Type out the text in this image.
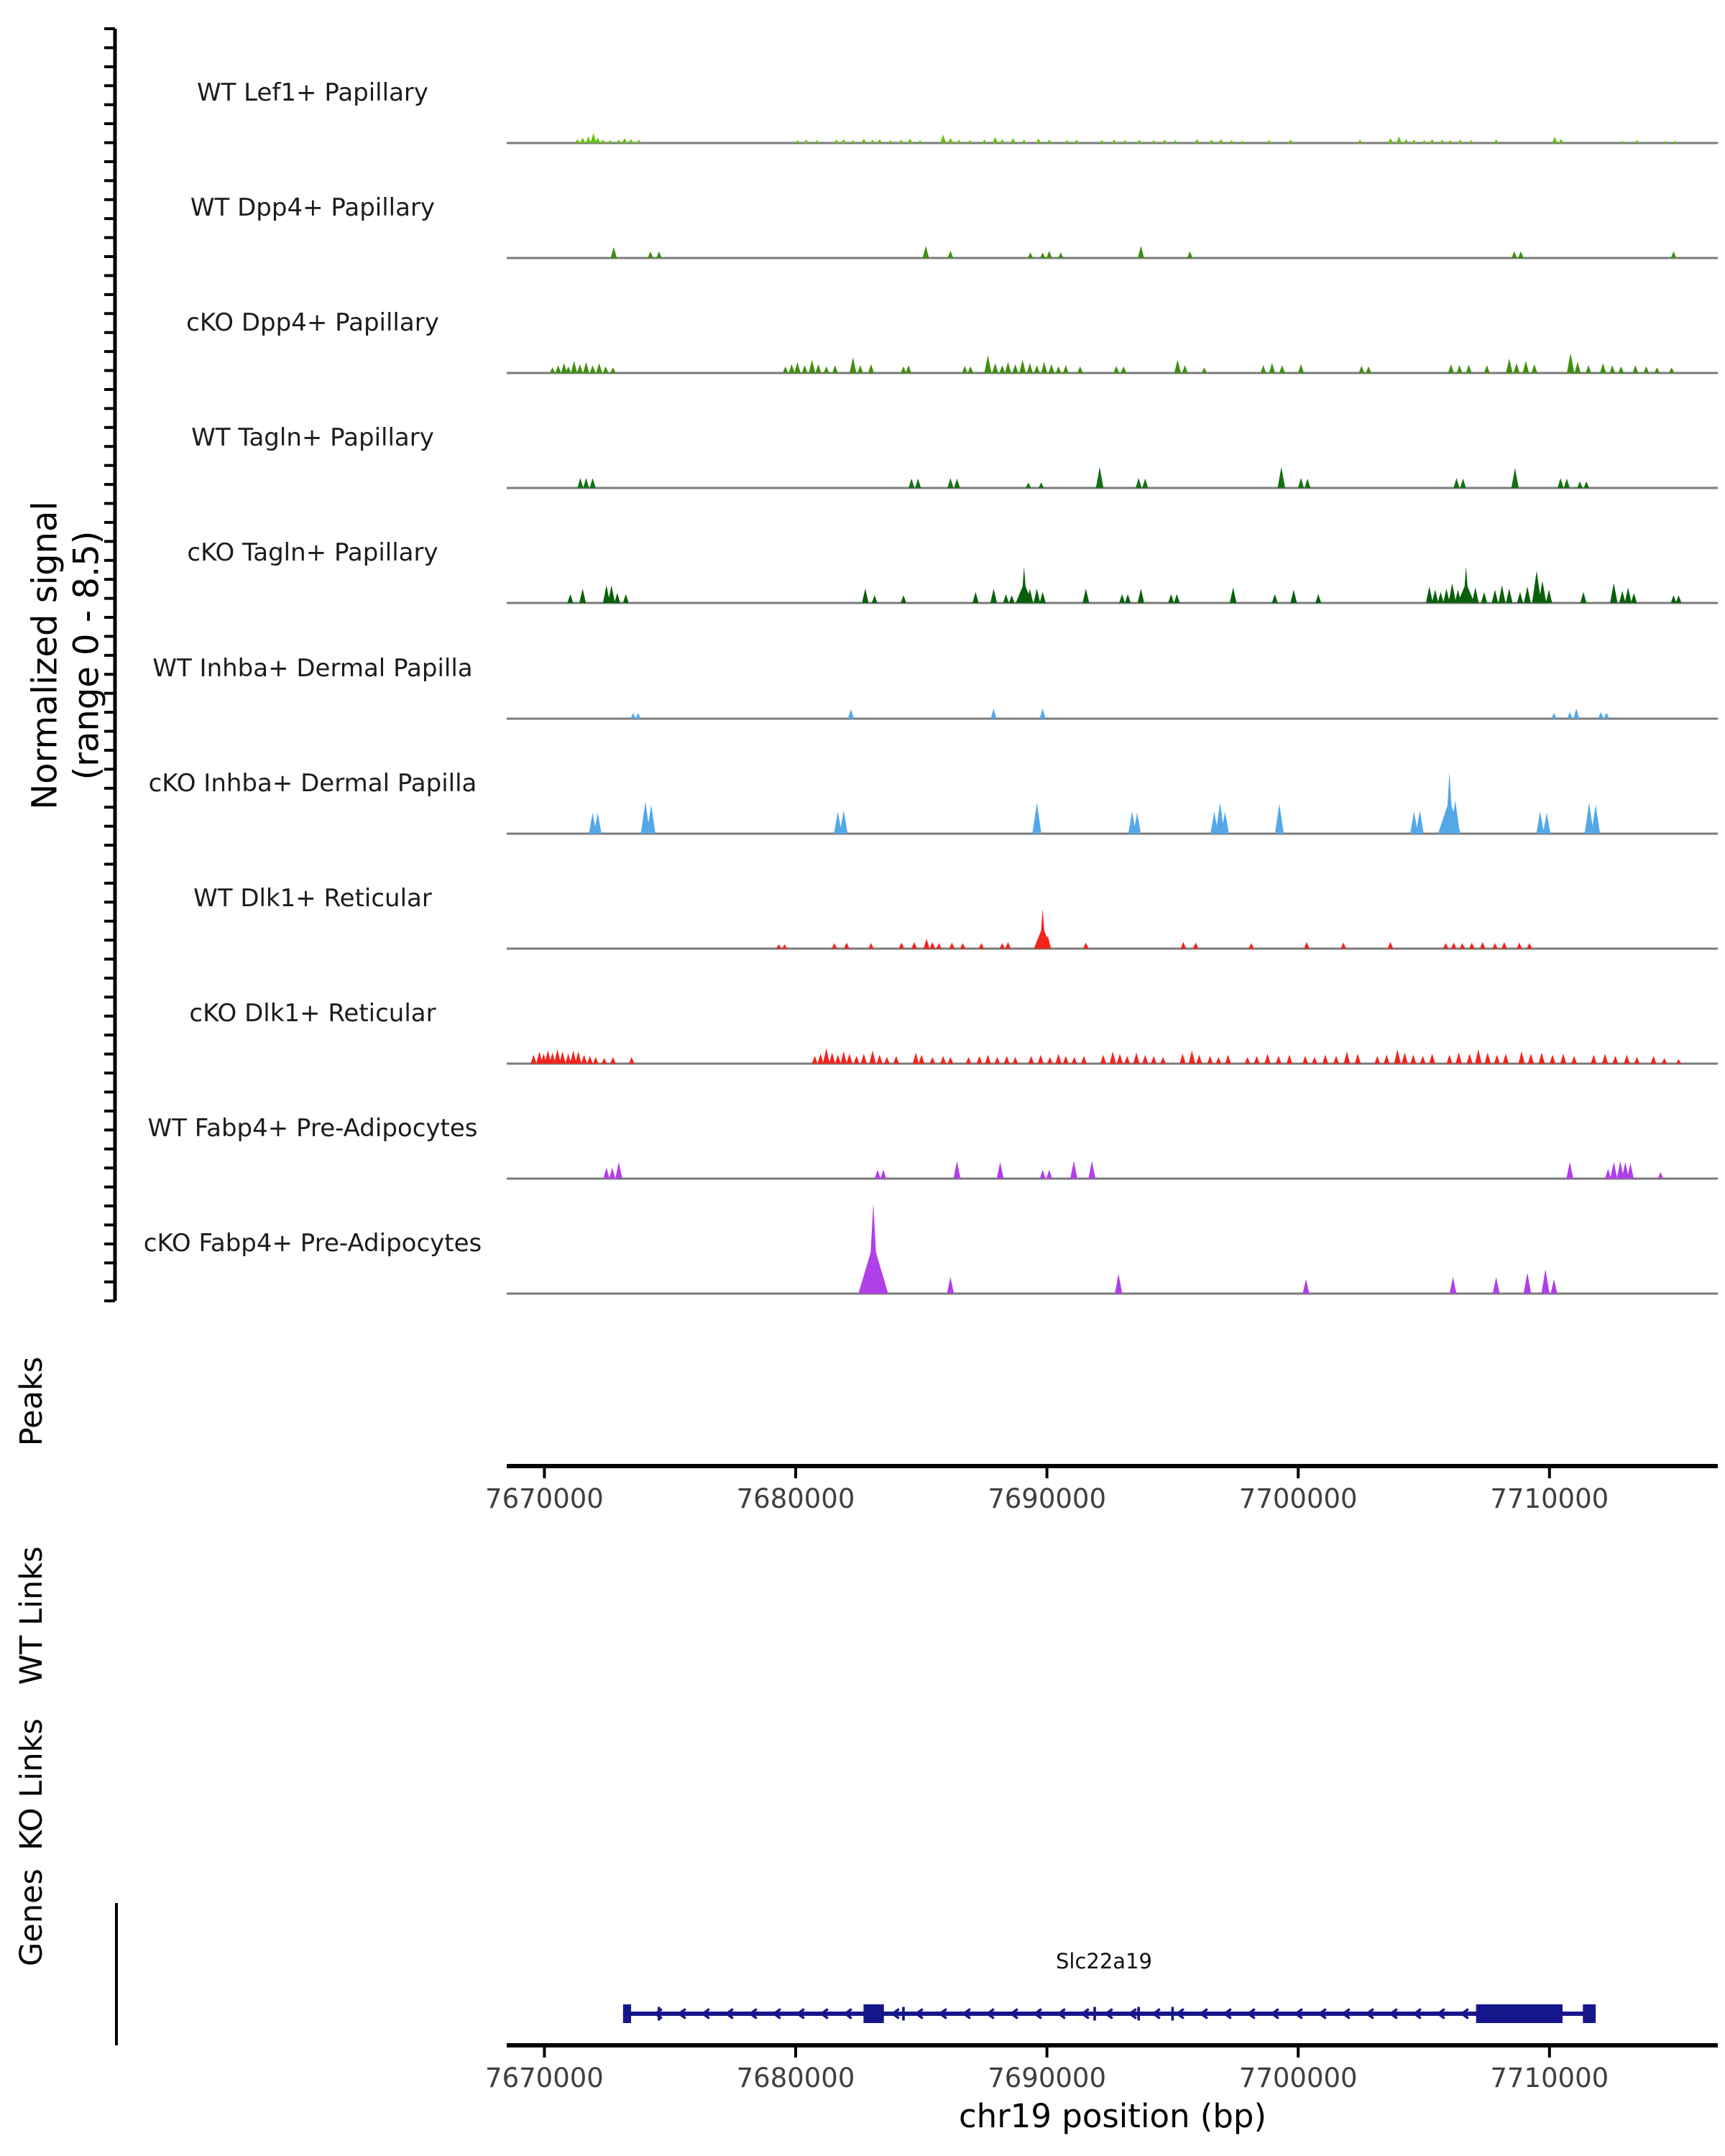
WT Lef1+ Papillary
WT Dpp4+ Papillary
cKO Dpp4+ Papillary
WT Tagln+ Papillary
cKO Tagln+ Papillary
WT Inhba+ Dermal Papilla
cKO Inhba+ Dermal Papilla
WT Dlk1+ Reticular
cKO Dlk1+ Reticular
WT Fabp4+ Pre-Adipocytes
cKO Fabp4+ Pre-Adipocytes
7670000	7680000	7690000	7700000	7710000
7670000	7680000	7690000	7700000	7710000
Normalized signal (range 0 - 8.5)
Peaks
WT Links
KO Links
Genes	Slc22a19
chr19 position (bp)
